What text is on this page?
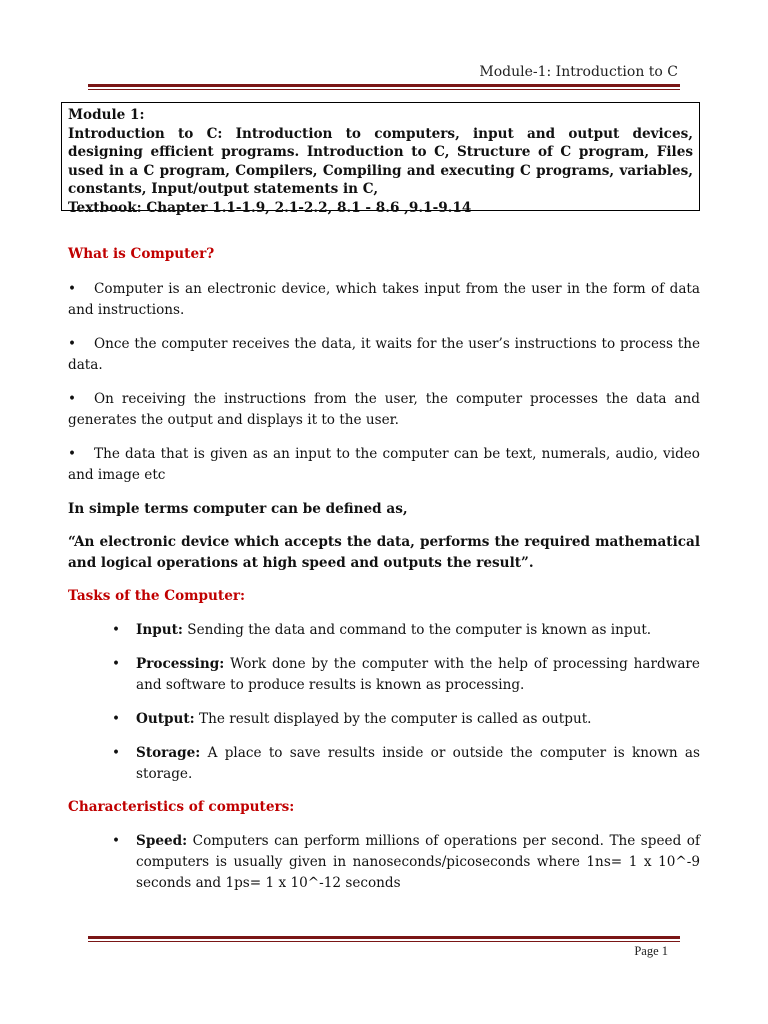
Module-1: Introduction to C

Module 1:

Introduction to C: Introduction to computers, input and output devices, designing efficient programs. Introduction to C, Structure of C program, Files used in a C program, Compilers, Compiling and executing C programs, variables, constants, Input/output statements in C,

Textbook: Chapter 1.1-1.9, 2.1-2.2, 8.1 - 8.6 ,9.1-9.14

What is Computer?

• Computer is an electronic device, which takes input from the user in the form of data and instructions.

• Once the computer receives the data, it waits for the user’s instructions to process the data.

• On receiving the instructions from the user, the computer processes the data and generates the output and displays it to the user.

• The data that is given as an input to the computer can be text, numerals, audio, video and image etc

In simple terms computer can be defined as,

“An electronic device which accepts the data, performs the required mathematical and logical operations at high speed and outputs the result”.

Tasks of the Computer:

• Input: Sending the data and command to the computer is known as input.
• Processing: Work done by the computer with the help of processing hardware and software to produce results is known as processing.
• Output: The result displayed by the computer is called as output.
• Storage: A place to save results inside or outside the computer is known as storage.

Characteristics of computers:

• Speed: Computers can perform millions of operations per second. The speed of computers is usually given in nanoseconds/picoseconds where 1ns= 1 x 10^-9 seconds and 1ps= 1 x 10^-12 seconds
Page 1
